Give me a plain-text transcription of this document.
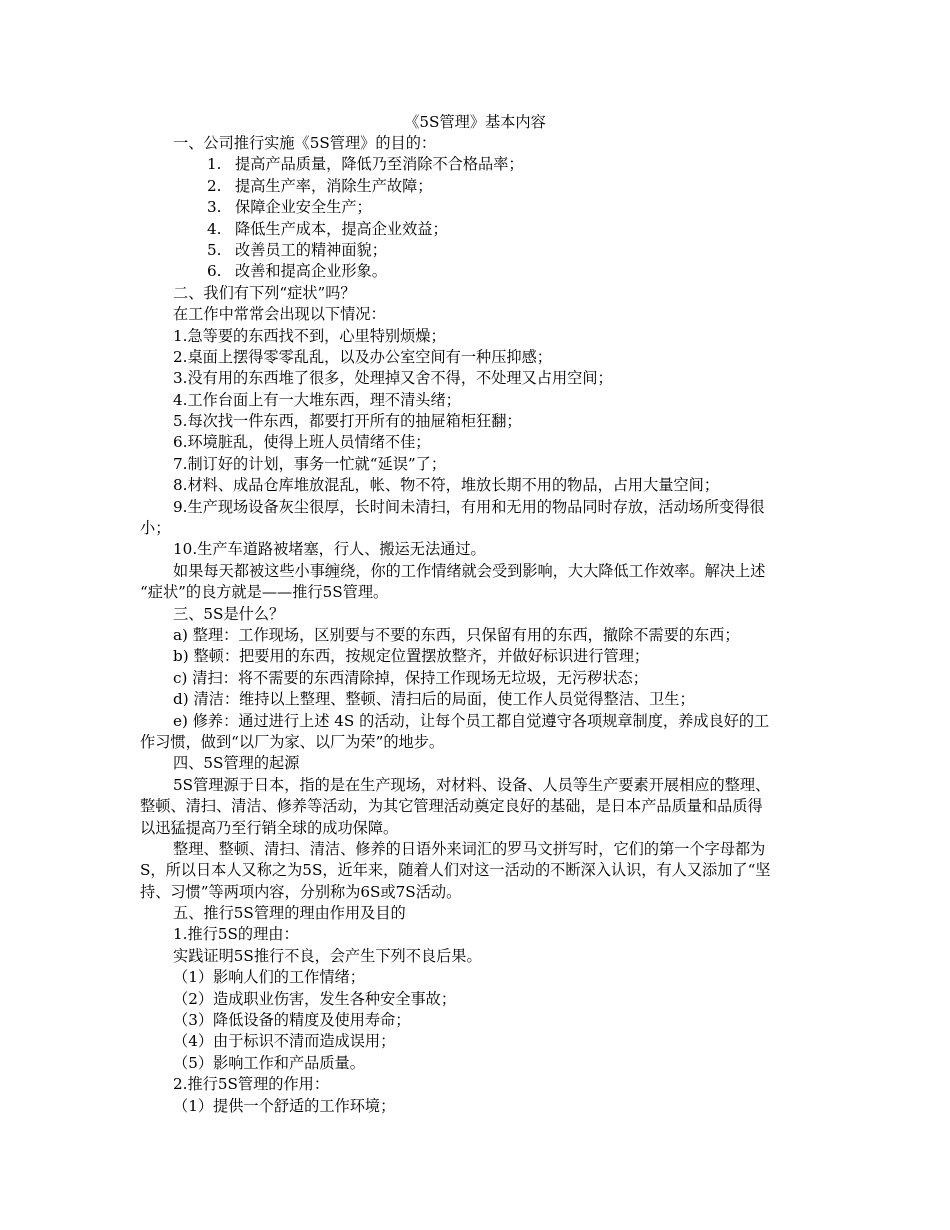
《5S管理》基本内容
一、公司推行实施《5S管理》的目的：
1. 提高产品质量，降低乃至消除不合格品率；
2. 提高生产率，消除生产故障；
3. 保障企业安全生产；
4. 降低生产成本，提高企业效益；
5. 改善员工的精神面貌；
6. 改善和提高企业形象。
二、我们有下列“症状”吗？
在工作中常常会出现以下情况：
1.急等要的东西找不到，心里特别烦燥；
2.桌面上摆得零零乱乱，以及办公室空间有一种压抑感；
3.没有用的东西堆了很多，处理掉又舍不得，不处理又占用空间；
4.工作台面上有一大堆东西，理不清头绪；
5.每次找一件东西，都要打开所有的抽屉箱柜狂翻；
6.环境脏乱，使得上班人员情绪不佳；
7.制订好的计划，事务一忙就“延误”了；
8.材料、成品仓库堆放混乱，帐、物不符，堆放长期不用的物品，占用大量空间；
9.生产现场设备灰尘很厚，长时间未清扫，有用和无用的物品同时存放，活动场所变得很
小；
10.生产车道路被堵塞，行人、搬运无法通过。
如果每天都被这些小事缠绕，你的工作情绪就会受到影响，大大降低工作效率。解决上述
“症状”的良方就是——推行5S管理。
三、5S是什么？
a) 整理：工作现场，区别要与不要的东西，只保留有用的东西，撤除不需要的东西；
b) 整顿：把要用的东西，按规定位置摆放整齐，并做好标识进行管理；
c) 清扫：将不需要的东西清除掉，保持工作现场无垃圾，无污秽状态；
d) 清洁：维持以上整理、整顿、清扫后的局面，使工作人员觉得整洁、卫生；
e) 修养：通过进行上述 4S 的活动，让每个员工都自觉遵守各项规章制度，养成良好的工
作习惯，做到“以厂为家、以厂为荣”的地步。
四、5S管理的起源
5S管理源于日本，指的是在生产现场，对材料、设备、人员等生产要素开展相应的整理、
整顿、清扫、清洁、修养等活动，为其它管理活动奠定良好的基础，是日本产品质量和品质得
以迅猛提高乃至行销全球的成功保障。
整理、整顿、清扫、清洁、修养的日语外来词汇的罗马文拼写时，它们的第一个字母都为
S，所以日本人又称之为5S，近年来，随着人们对这一活动的不断深入认识，有人又添加了“坚
持、习惯”等两项内容，分别称为6S或7S活动。
五、推行5S管理的理由作用及目的
1.推行5S的理由：
实践证明5S推行不良，会产生下列不良后果。
（1）影响人们的工作情绪；
（2）造成职业伤害，发生各种安全事故；
（3）降低设备的精度及使用寿命；
（4）由于标识不清而造成误用；
（5）影响工作和产品质量。
2.推行5S管理的作用：
（1）提供一个舒适的工作环境；
